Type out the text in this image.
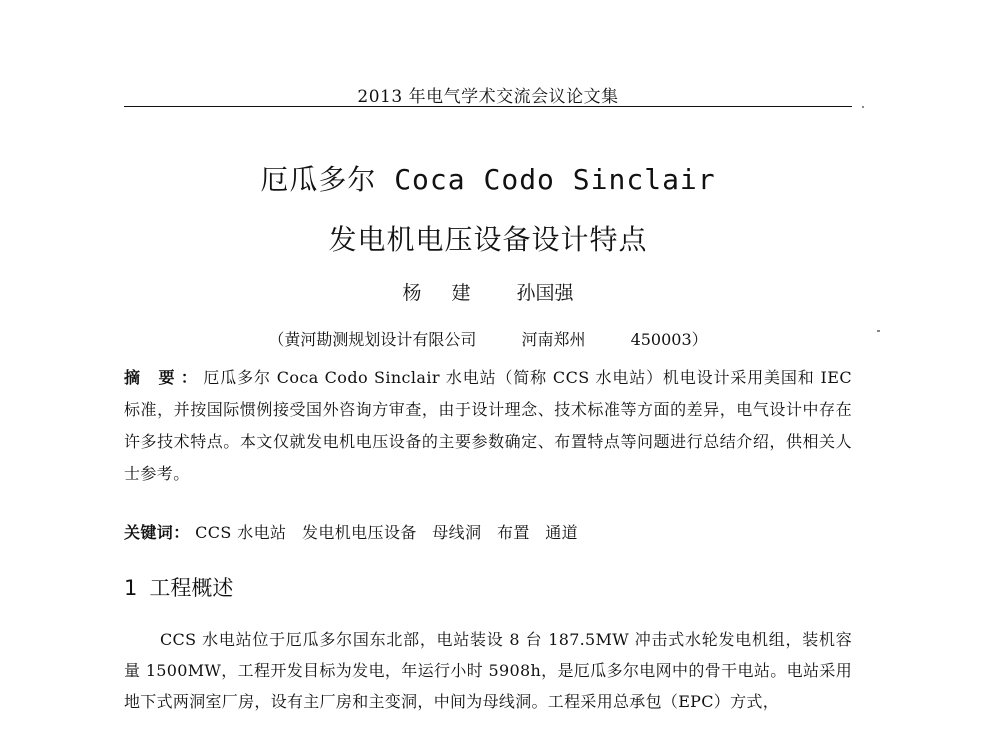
2013 年电气学术交流会议论文集
厄瓜多尔 Coca Codo Sinclair
发电机电压设备设计特点
杨 建 孙国强
（黄河勘测规划设计有限公司	河南郑州	450003）
摘 要：厄瓜多尔 Coca Codo Sinclair 水电站（简称 CCS 水电站）机电设计采用美国和 IEC 标准，并按国际惯例接受国外咨询方审查，由于设计理念、技术标准等方面的差异，电气设计中存在许多技术特点。本文仅就发电机电压设备的主要参数确定、布置特点等问题进行总结介绍，供相关人士参考。
关键词： CCS 水电站 发电机电压设备 母线洞 布置 通道
1 工程概述
CCS 水电站位于厄瓜多尔国东北部，电站装设 8 台 187.5MW 冲击式水轮发电机组，装机容量 1500MW，工程开发目标为发电，年运行小时 5908h，是厄瓜多尔电网中的骨干电站。电站采用地下式两洞室厂房，设有主厂房和主变洞，中间为母线洞。工程采用总承包（EPC）方式，
